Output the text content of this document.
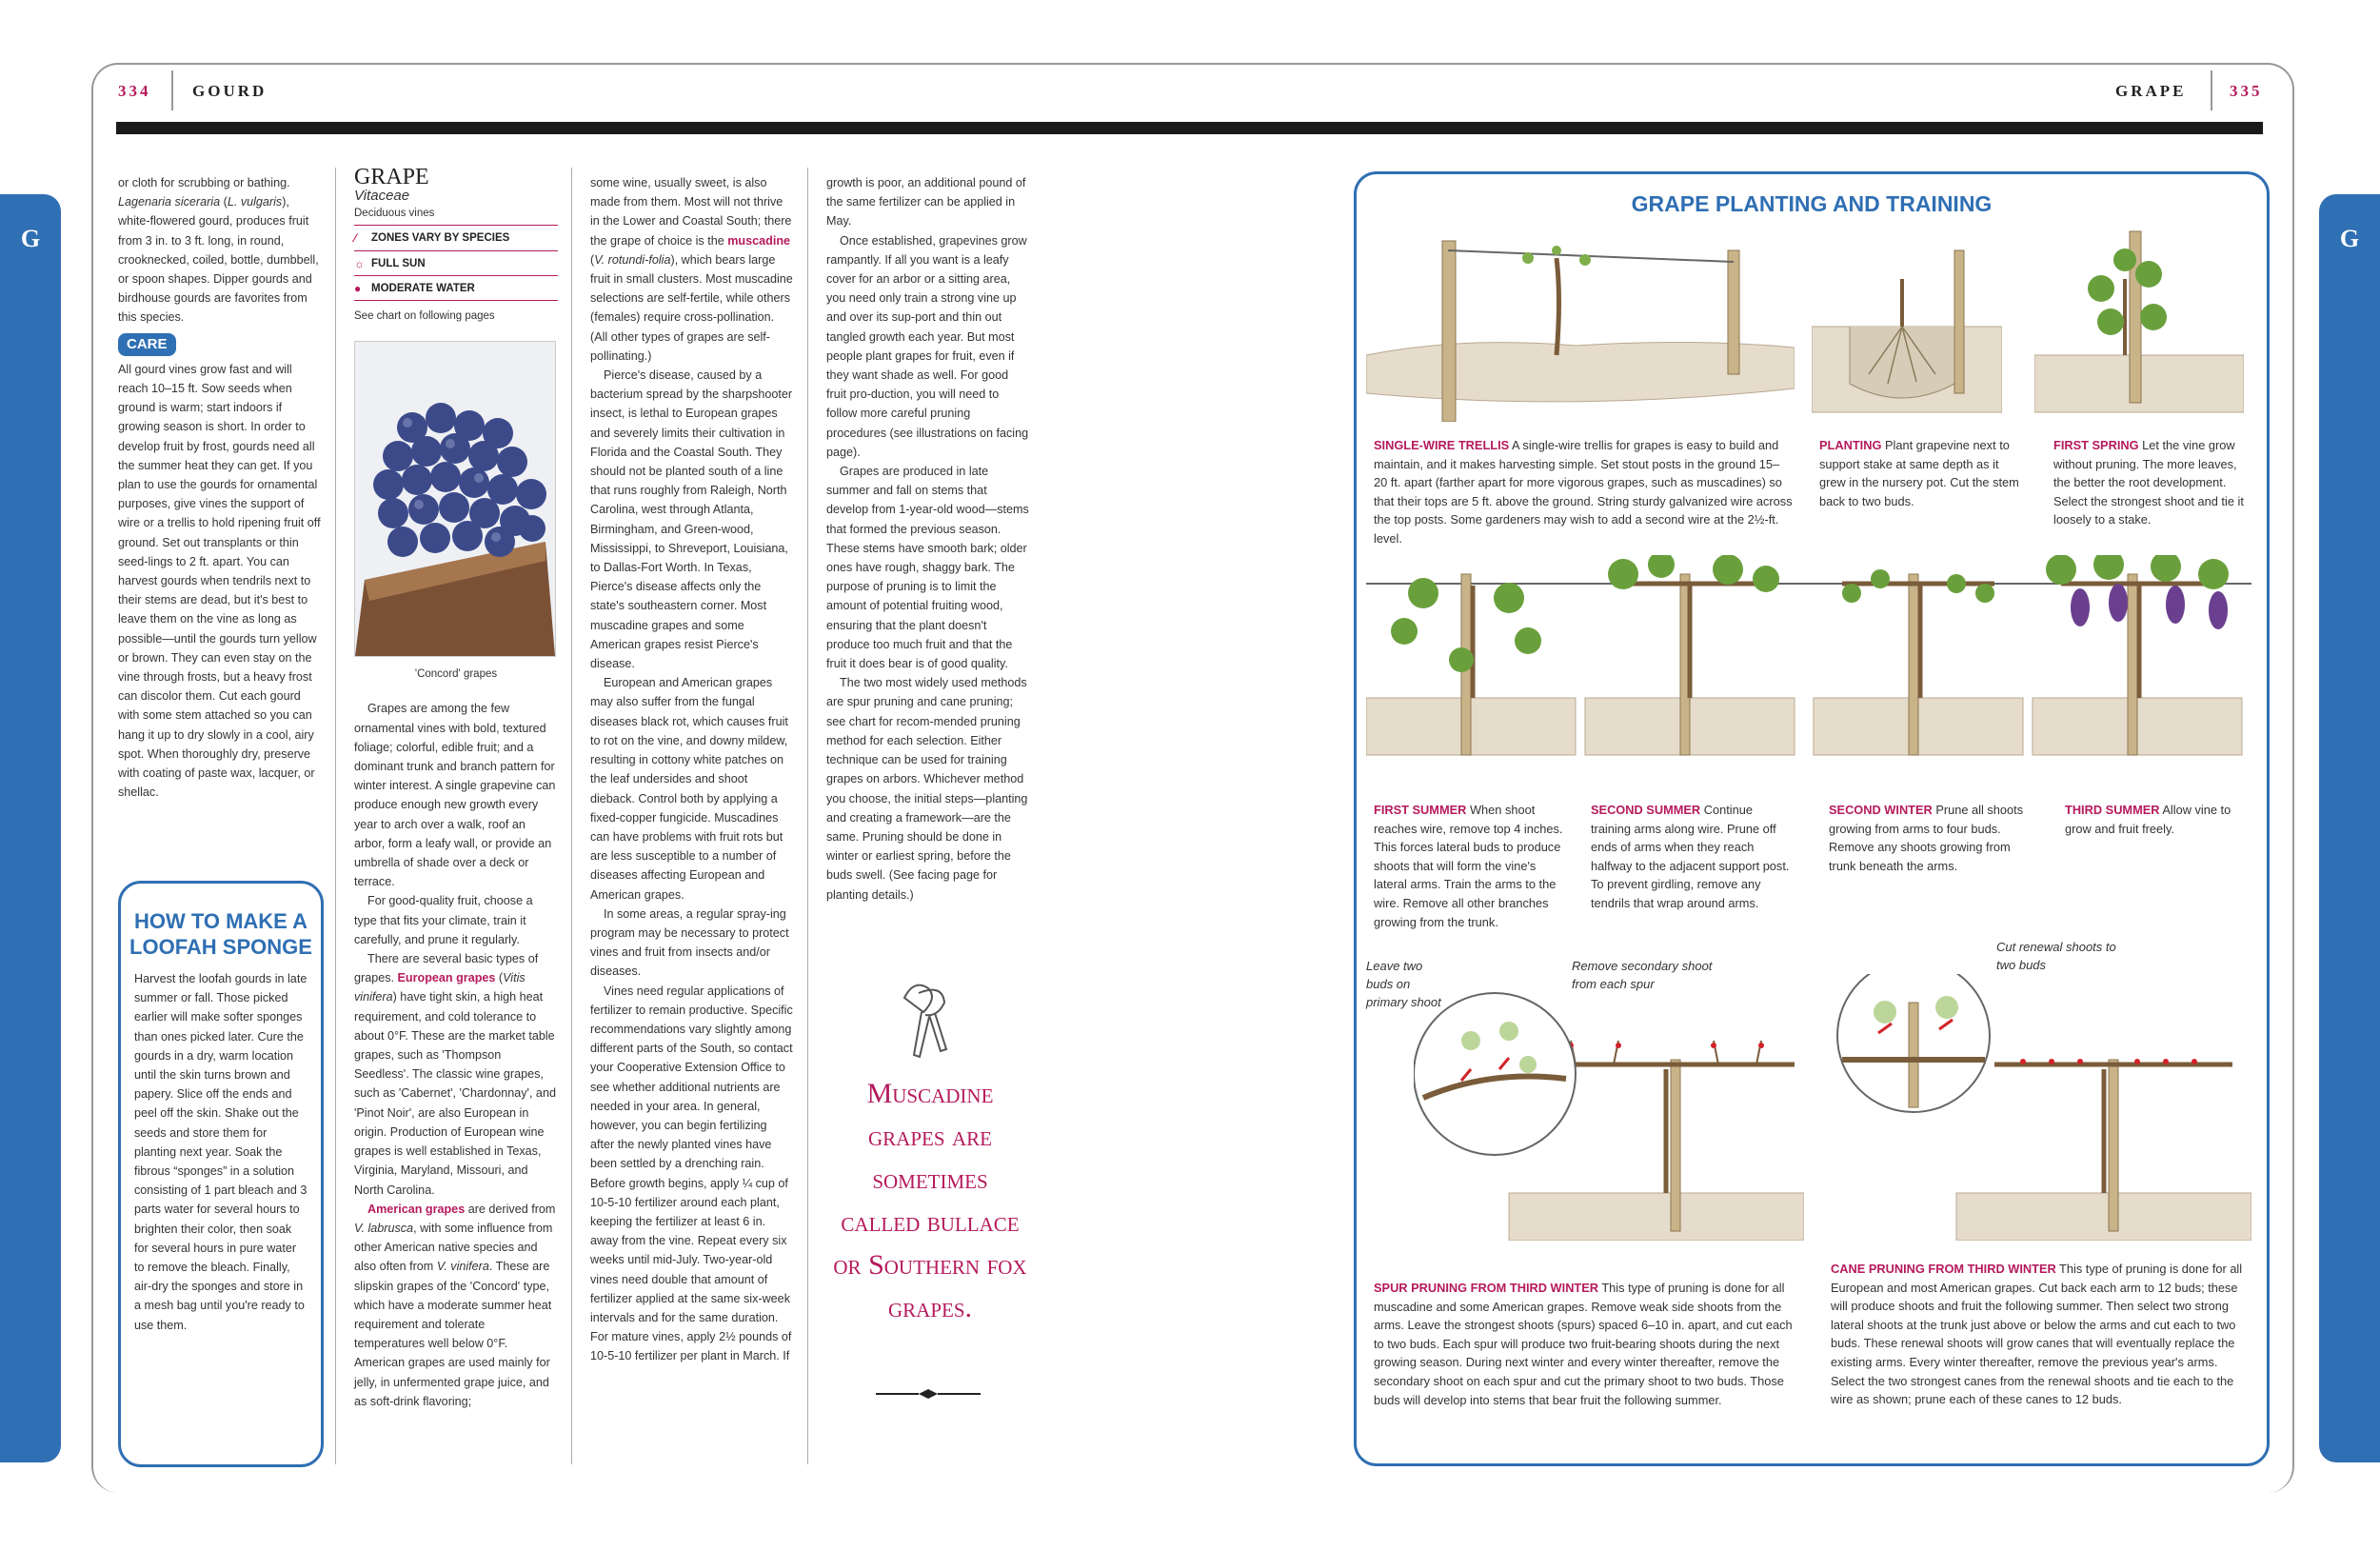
G	G
334	GOURD	GRAPE	335

or cloth for scrubbing or bathing. Lagenaria siceraria (L. vulgaris), white-flowered gourd, produces fruit from 3 in. to 3 ft. long, in round, crooknecked, coiled, bottle, dumbbell, or spoon shapes. Dipper gourds and birdhouse gourds are favorites from this species.

CARE

All gourd vines grow fast and will reach 10–15 ft. Sow seeds when ground is warm; start indoors if growing season is short. In order to develop fruit by frost, gourds need all the summer heat they can get. If you plan to use the gourds for ornamental purposes, give vines the support of wire or a trellis to hold ripening fruit off ground. Set out transplants or thin seed-lings to 2 ft. apart. You can harvest gourds when tendrils next to their stems are dead, but it's best to leave them on the vine as long as possible—until the gourds turn yellow or brown. They can even stay on the vine through frosts, but a heavy frost can discolor them. Cut each gourd with some stem attached so you can hang it up to dry slowly in a cool, airy spot. When thoroughly dry, preserve with coating of paste wax, lacquer, or shellac.

HOW TO MAKE A LOOFAH SPONGE
Harvest the loofah gourds in late summer or fall. Those picked earlier will make softer sponges than ones picked later. Cure the gourds in a dry, warm location until the skin turns brown and papery. Slice off the ends and peel off the skin. Shake out the seeds and store them for planting next year. Soak the fibrous “sponges” in a solution consisting of 1 part bleach and 3 parts water for several hours to brighten their color, then soak for several hours in pure water to remove the bleach. Finally, air-dry the sponges and store in a mesh bag until you're ready to use them.
GRAPE
Vitaceae
Deciduous vines
⁄ ZONES VARY BY SPECIES
☼ FULL SUN
● MODERATE WATER
See chart on following pages
'Concord' grapes

Grapes are among the few ornamental vines with bold, textured foliage; colorful, edible fruit; and a dominant trunk and branch pattern for winter interest. A single grapevine can produce enough new growth every year to arch over a walk, roof an arbor, form a leafy wall, or provide an umbrella of shade over a deck or terrace.

For good-quality fruit, choose a type that fits your climate, train it carefully, and prune it regularly.

There are several basic types of grapes. European grapes (Vitis vinifera) have tight skin, a high heat requirement, and cold tolerance to about 0°F. These are the market table grapes, such as 'Thompson Seedless'. The classic wine grapes, such as 'Cabernet', 'Chardonnay', and 'Pinot Noir', are also European in origin. Production of European wine grapes is well established in Texas, Virginia, Maryland, Missouri, and North Carolina.

American grapes are derived from V. labrusca, with some influence from other American native species and also often from V. vinifera. These are slipskin grapes of the 'Concord' type, which have a moderate summer heat requirement and tolerate temperatures well below 0°F. American grapes are used mainly for jelly, in unfermented grape juice, and as soft-drink flavoring;

some wine, usually sweet, is also made from them. Most will not thrive in the Lower and Coastal South; there the grape of choice is the muscadine (V. rotundi-folia), which bears large fruit in small clusters. Most muscadine selections are self-fertile, while others (females) require cross-pollination. (All other types of grapes are self-pollinating.)

Pierce's disease, caused by a bacterium spread by the sharpshooter insect, is lethal to European grapes and severely limits their cultivation in Florida and the Coastal South. They should not be planted south of a line that runs roughly from Raleigh, North Carolina, west through Atlanta, Birmingham, and Green-wood, Mississippi, to Shreveport, Louisiana, to Dallas-Fort Worth. In Texas, Pierce's disease affects only the state's southeastern corner. Most muscadine grapes and some American grapes resist Pierce's disease.

European and American grapes may also suffer from the fungal diseases black rot, which causes fruit to rot on the vine, and downy mildew, resulting in cottony white patches on the leaf undersides and shoot dieback. Control both by applying a fixed-copper fungicide. Muscadines can have problems with fruit rots but are less susceptible to a number of diseases affecting European and American grapes.

In some areas, a regular spray-ing program may be necessary to protect vines and fruit from insects and/or diseases.

Vines need regular applications of fertilizer to remain productive. Specific recommendations vary slightly among different parts of the South, so contact your Cooperative Extension Office to see whether additional nutrients are needed in your area. In general, however, you can begin fertilizing after the newly planted vines have been settled by a drenching rain. Before growth begins, apply ¼ cup of 10-5-10 fertilizer around each plant, keeping the fertilizer at least 6 in. away from the vine. Repeat every six weeks until mid-July. Two-year-old vines need double that amount of fertilizer applied at the same six-week intervals and for the same duration. For mature vines, apply 2½ pounds of 10-5-10 fertilizer per plant in March. If

growth is poor, an additional pound of the same fertilizer can be applied in May.

Once established, grapevines grow rampantly. If all you want is a leafy cover for an arbor or a sitting area, you need only train a strong vine up and over its sup-port and thin out tangled growth each year. But most people plant grapes for fruit, even if they want shade as well. For good fruit pro-duction, you will need to follow more careful pruning procedures (see illustrations on facing page).

Grapes are produced in late summer and fall on stems that develop from 1-year-old wood—stems that formed the previous season. These stems have smooth bark; older ones have rough, shaggy bark. The purpose of pruning is to limit the amount of potential fruiting wood, ensuring that the plant doesn't produce too much fruit and that the fruit it does bear is of good quality.

The two most widely used methods are spur pruning and cane pruning; see chart for recom-mended pruning method for each selection. Either technique can be used for training grapes on arbors. Whichever method you choose, the initial steps—planting and creating a framework—are the same. Pruning should be done in winter or earliest spring, before the buds swell. (See facing page for planting details.)

Muscadine grapes are sometimes called bullace or Southern fox grapes.
GRAPE PLANTING AND TRAINING
SINGLE-WIRE TRELLIS A single-wire trellis for grapes is easy to build and maintain, and it makes harvesting simple. Set stout posts in the ground 15–20 ft. apart (farther apart for more vigorous grapes, such as muscadines) so that their tops are 5 ft. above the ground. String sturdy galvanized wire across the top posts. Some gardeners may wish to add a second wire at the 2½-ft. level.
PLANTING Plant grapevine next to support stake at same depth as it grew in the nursery pot. Cut the stem back to two buds.
FIRST SPRING Let the vine grow without pruning. The more leaves, the better the root development. Select the strongest shoot and tie it loosely to a stake.
FIRST SUMMER When shoot reaches wire, remove top 4 inches. This forces lateral buds to produce shoots that will form the vine's lateral arms. Train the arms to the wire. Remove all other branches growing from the trunk.
SECOND SUMMER Continue training arms along wire. Prune off ends of arms when they reach halfway to the adjacent support post. To prevent girdling, remove any tendrils that wrap around arms.
SECOND WINTER Prune all shoots growing from arms to four buds. Remove any shoots growing from trunk beneath the arms.
THIRD SUMMER Allow vine to grow and fruit freely.
Leave two buds on primary shoot
Remove secondary shoot from each spur
Cut renewal shoots to two buds
SPUR PRUNING FROM THIRD WINTER This type of pruning is done for all muscadine and some American grapes. Remove weak side shoots from the arms. Leave the strongest shoots (spurs) spaced 6–10 in. apart, and cut each to two buds. Each spur will produce two fruit-bearing shoots during the next growing season. During next winter and every winter thereafter, remove the secondary shoot on each spur and cut the primary shoot to two buds. Those buds will develop into stems that bear fruit the following summer.
CANE PRUNING FROM THIRD WINTER This type of pruning is done for all European and most American grapes. Cut back each arm to 12 buds; these will produce shoots and fruit the following summer. Then select two strong lateral shoots at the trunk just above or below the arms and cut each to two buds. These renewal shoots will grow canes that will eventually replace the existing arms. Every winter thereafter, remove the previous year's arms. Select the two strongest canes from the renewal shoots and tie each to the wire as shown; prune each of these canes to 12 buds.
